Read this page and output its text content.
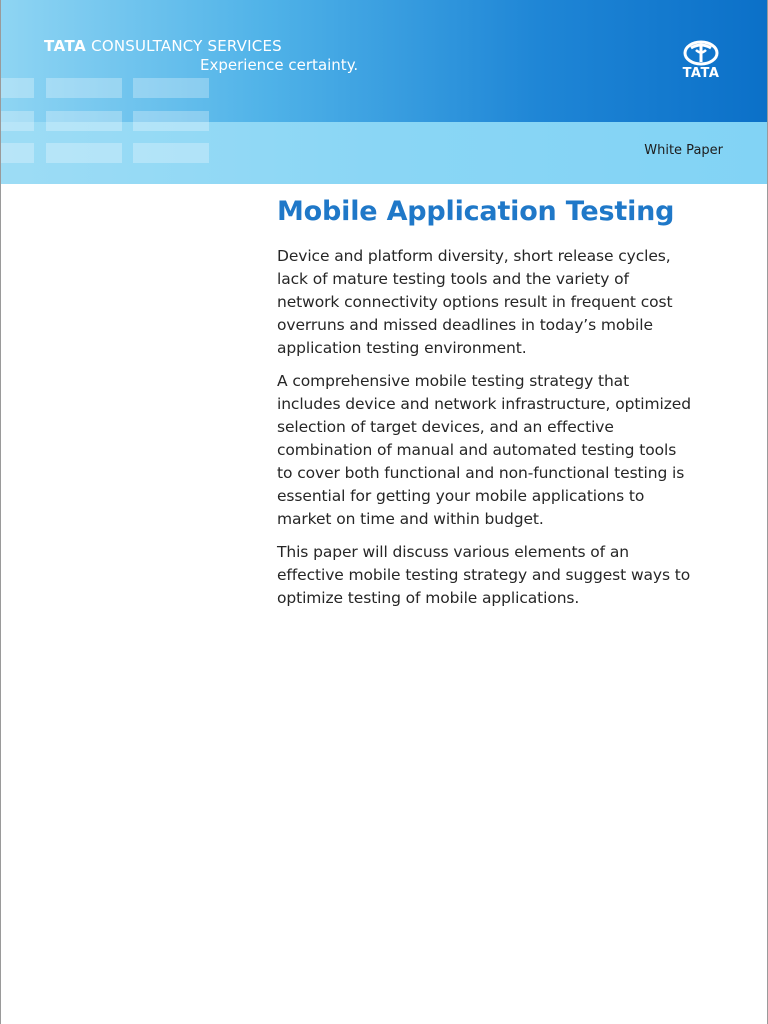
TATA CONSULTANCY SERVICES
Experience certainty.	TATA
White Paper
Mobile Application Testing

Device and platform diversity, short release cycles, lack of mature testing tools and the variety of network connectivity options result in frequent cost overruns and missed deadlines in today’s mobile application testing environment.

A comprehensive mobile testing strategy that includes device and network infrastructure, optimized selection of target devices, and an effective combination of manual and automated testing tools to cover both functional and non-functional testing is essential for getting your mobile applications to market on time and within budget.

This paper will discuss various elements of an effective mobile testing strategy and suggest ways to optimize testing of mobile applications.
